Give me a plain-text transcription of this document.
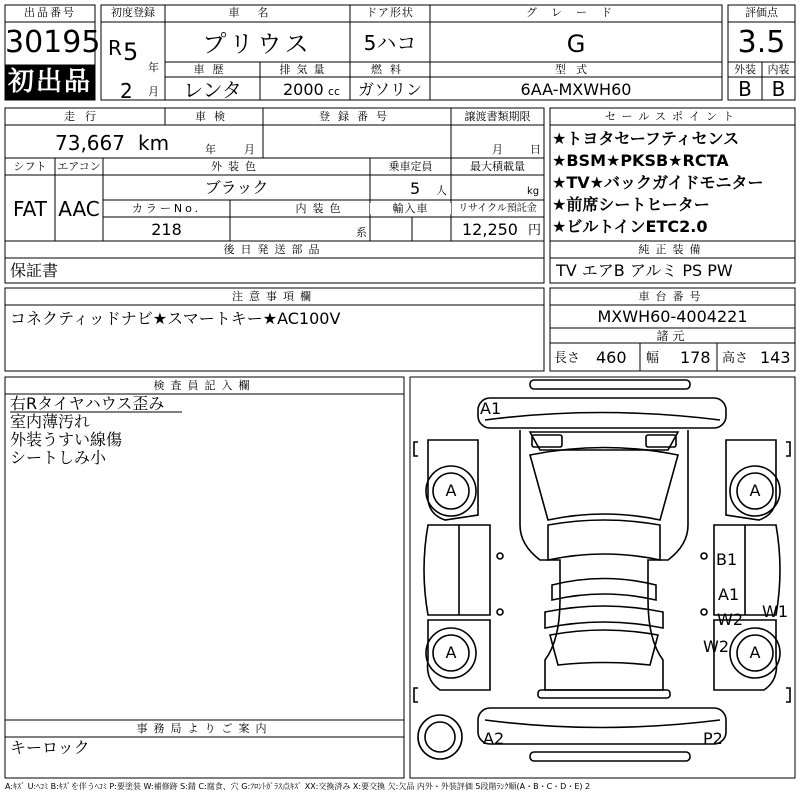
出品番号
30195
初出品
初度登録
R 5
年
2 月
車名
プリウス
車歴
レンタ
排気量
2000 cc
ドア形状
5ハコ
燃料
ガソリン
グレード
G
型式
6AA-MXWH60
評価点
3.5
外装	内装
B B
走行
73,667 km
車検
年	月
登録番号	譲渡書類期限
月 日
シフト
FAT
エアコン
AAC
外装色
ブラック
乗車定員
5 人
最大積載量
kg
カラーNo.
218
内装色
系
輸入車	リサイクル預託金
12,250 円
後日発送部品
保証書
セールスポイント
★トヨタセーフティセンス
★BSM★PKSB★RCTA
★TV★バックガイドモニター
★前席シートヒーター
★ビルトインETC2.0
純正装備
TV エアB アルミ PS PW
注意事項欄
コネクティッドナビ★スマートキー★AC100V
車台番号
MXWH60-4004221
諸元
長さ 460 幅 178 高さ 143
検査員記入欄
右Rタイヤハウス歪み
室内薄汚れ
外装うすい線傷
シートしみ小
事務局よりご案内
キーロック
A1
A	A
A	A
B1
A1
W2
W2
W1
A2	P2
A:ｷｽﾞ U:ﾍｺﾐ B:ｷｽﾞを伴うﾍｺﾐ P:要塗装 W:補修跡 S:錆 C:腐食、穴 G:ﾌﾛﾝﾄｶﾞﾗｽ点ｷｽﾞ XX:交換済み X:要交換 欠:欠品 内外・外装評価 5段階ﾗﾝｸ順(A・B・C・D・E) 2
